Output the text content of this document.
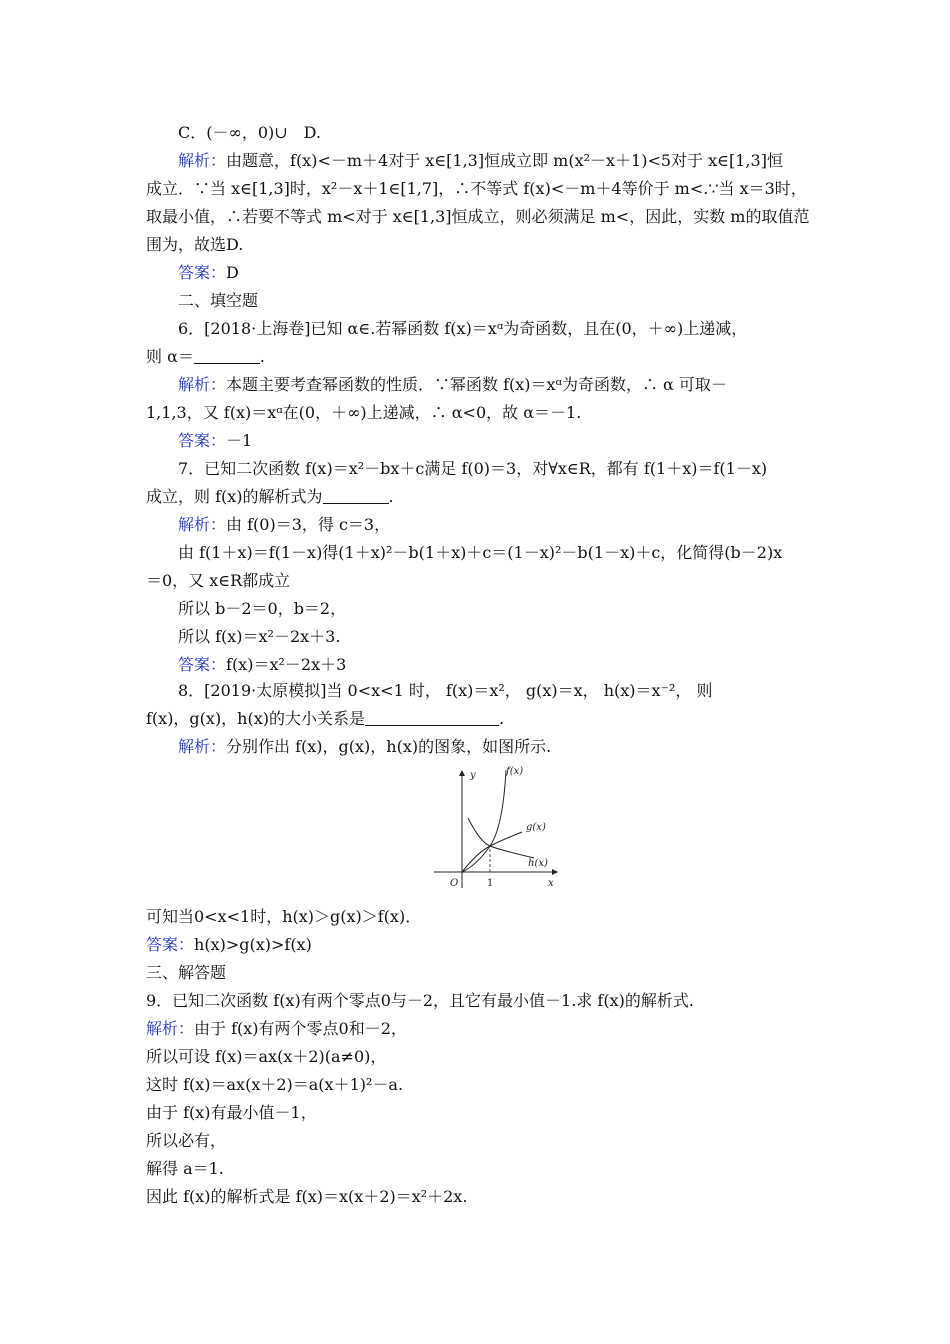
C．(－∞，0)∪　D.
解析：由题意，f(x)<－m＋4对于 x∈[1,3]恒成立即 m(x²－x＋1)<5对于 x∈[1,3]恒
成立．∵当 x∈[1,3]时，x²－x＋1∈[1,7]，∴不等式 f(x)<－m＋4等价于 m<.∵当 x＝3时，
取最小值，∴若要不等式 m<对于 x∈[1,3]恒成立，则必须满足 m<，因此，实数 m的取值范
围为，故选D.
答案：D
二、填空题
6．[2018·上海卷]已知 α∈.若幂函数 f(x)＝xᵅ为奇函数，且在(0，＋∞)上递减，
则 α＝	.
解析：本题主要考查幂函数的性质．∵幂函数 f(x)＝xᵅ为奇函数，∴ α 可取－
1,1,3，又 f(x)＝xᵅ在(0，＋∞)上递减，∴ α<0，故 α＝－1.
答案：－1
7．已知二次函数 f(x)＝x²－bx＋c满足 f(0)＝3，对∀x∈R，都有 f(1＋x)＝f(1－x)
成立，则 f(x)的解析式为	.
解析：由 f(0)＝3，得 c＝3，
由 f(1＋x)＝f(1－x)得(1＋x)²－b(1＋x)＋c＝(1－x)²－b(1－x)＋c，化简得(b－2)x
＝0，又 x∈R都成立
所以 b－2＝0，b＝2，
所以 f(x)＝x²－2x＋3.
答案：f(x)＝x²－2x＋3
8．[2019·太原模拟]当 0<x<1 时， f(x)＝x²， g(x)＝x， h(x)＝x⁻²， 则
f(x)，g(x)，h(x)的大小关系是	.
解析：分别作出 f(x)，g(x)，h(x)的图象，如图所示.
y
x
O	1
f(x)
g(x)
h(x)
可知当0<x<1时，h(x)＞g(x)＞f(x)．
答案：h(x)>g(x)>f(x)
三、解答题
9．已知二次函数 f(x)有两个零点0与－2，且它有最小值－1.求 f(x)的解析式.
解析：由于 f(x)有两个零点0和－2，
所以可设 f(x)＝ax(x＋2)(a≠0)，
这时 f(x)＝ax(x＋2)＝a(x＋1)²－a.
由于 f(x)有最小值－1，
所以必有，
解得 a＝1.
因此 f(x)的解析式是 f(x)＝x(x＋2)＝x²＋2x.
